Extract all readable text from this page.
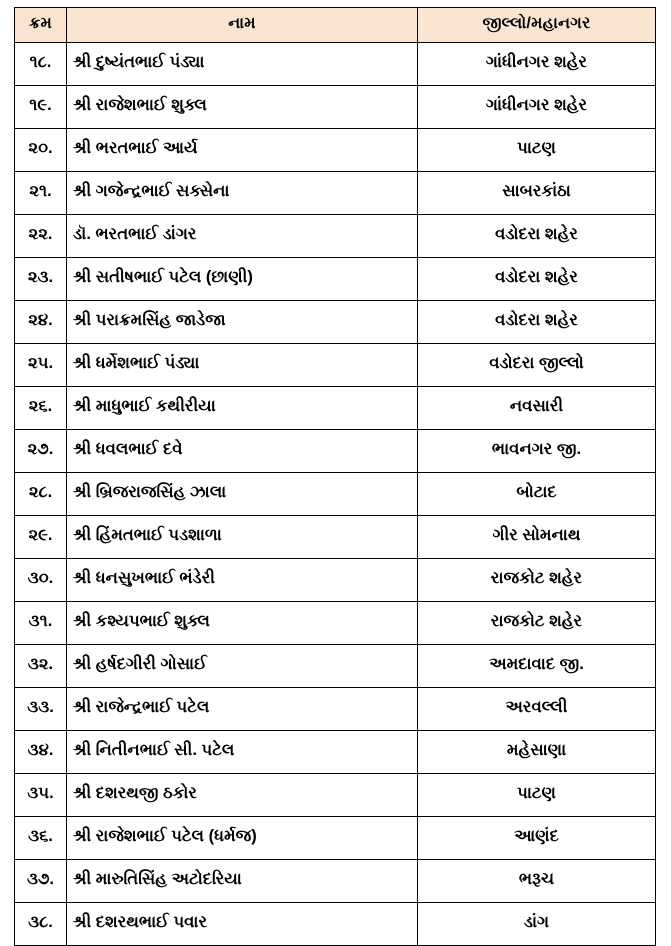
ક્રમ	નામ	જીલ્લો/મહાનગર
૧૮.	શ્રી દુષ્યંતભાઈ પંડ્યા	ગાંધીનગર શહેર
૧૯.	શ્રી રાજેશભાઈ શુક્લ	ગાંધીનગર શહેર
૨૦.	શ્રી ભરતભાઈ આર્ય	પાટણ
૨૧.	શ્રી ગજેન્દ્રભાઈ સક્સેના	સાબરકાંઠા
૨૨.	ડૉ. ભરતભાઈ ડાંગર	વડોદરા શહેર
૨૩.	શ્રી સતીષભાઈ પટેલ (છાણી)	વડોદરા શહેર
૨૪.	શ્રી પરાક્રમસિંહ જાડેજા	વડોદરા શહેર
૨૫.	શ્રી ધર્મેશભાઈ પંડ્યા	વડોદરા જીલ્લો
૨૬.	શ્રી માધુભાઈ કથીરીયા	નવસારી
૨૭.	શ્રી ધવલભાઈ દવે	ભાવનગર જી.
૨૮.	શ્રી બ્રિજરાજસિંહ ઝાલા	બોટાદ
૨૯.	શ્રી હિંમતભાઈ પડશાળા	ગીર સોમનાથ
૩૦.	શ્રી ધનસુખભાઈ ભંડેરી	રાજકોટ શહેર
૩૧.	શ્રી કશ્યપભાઈ શુક્લ	રાજકોટ શહેર
૩૨.	શ્રી હર્ષદગીરી ગોસાઈ	અમદાવાદ જી.
૩૩.	શ્રી રાજેન્દ્રભાઈ પટેલ	અરવલ્લી
૩૪.	શ્રી નિતીનભાઈ સી. પટેલ	મહેસાણા
૩૫.	શ્રી દશરથજી ઠકોર	પાટણ
૩૬.	શ્રી રાજેશભાઈ પટેલ (ધર્મજ)	આણંદ
૩૭.	શ્રી મારુતિસિંહ અટોદરિયા	ભરૂચ
૩૮.	શ્રી દશરથભાઈ પવાર	ડાંગ
